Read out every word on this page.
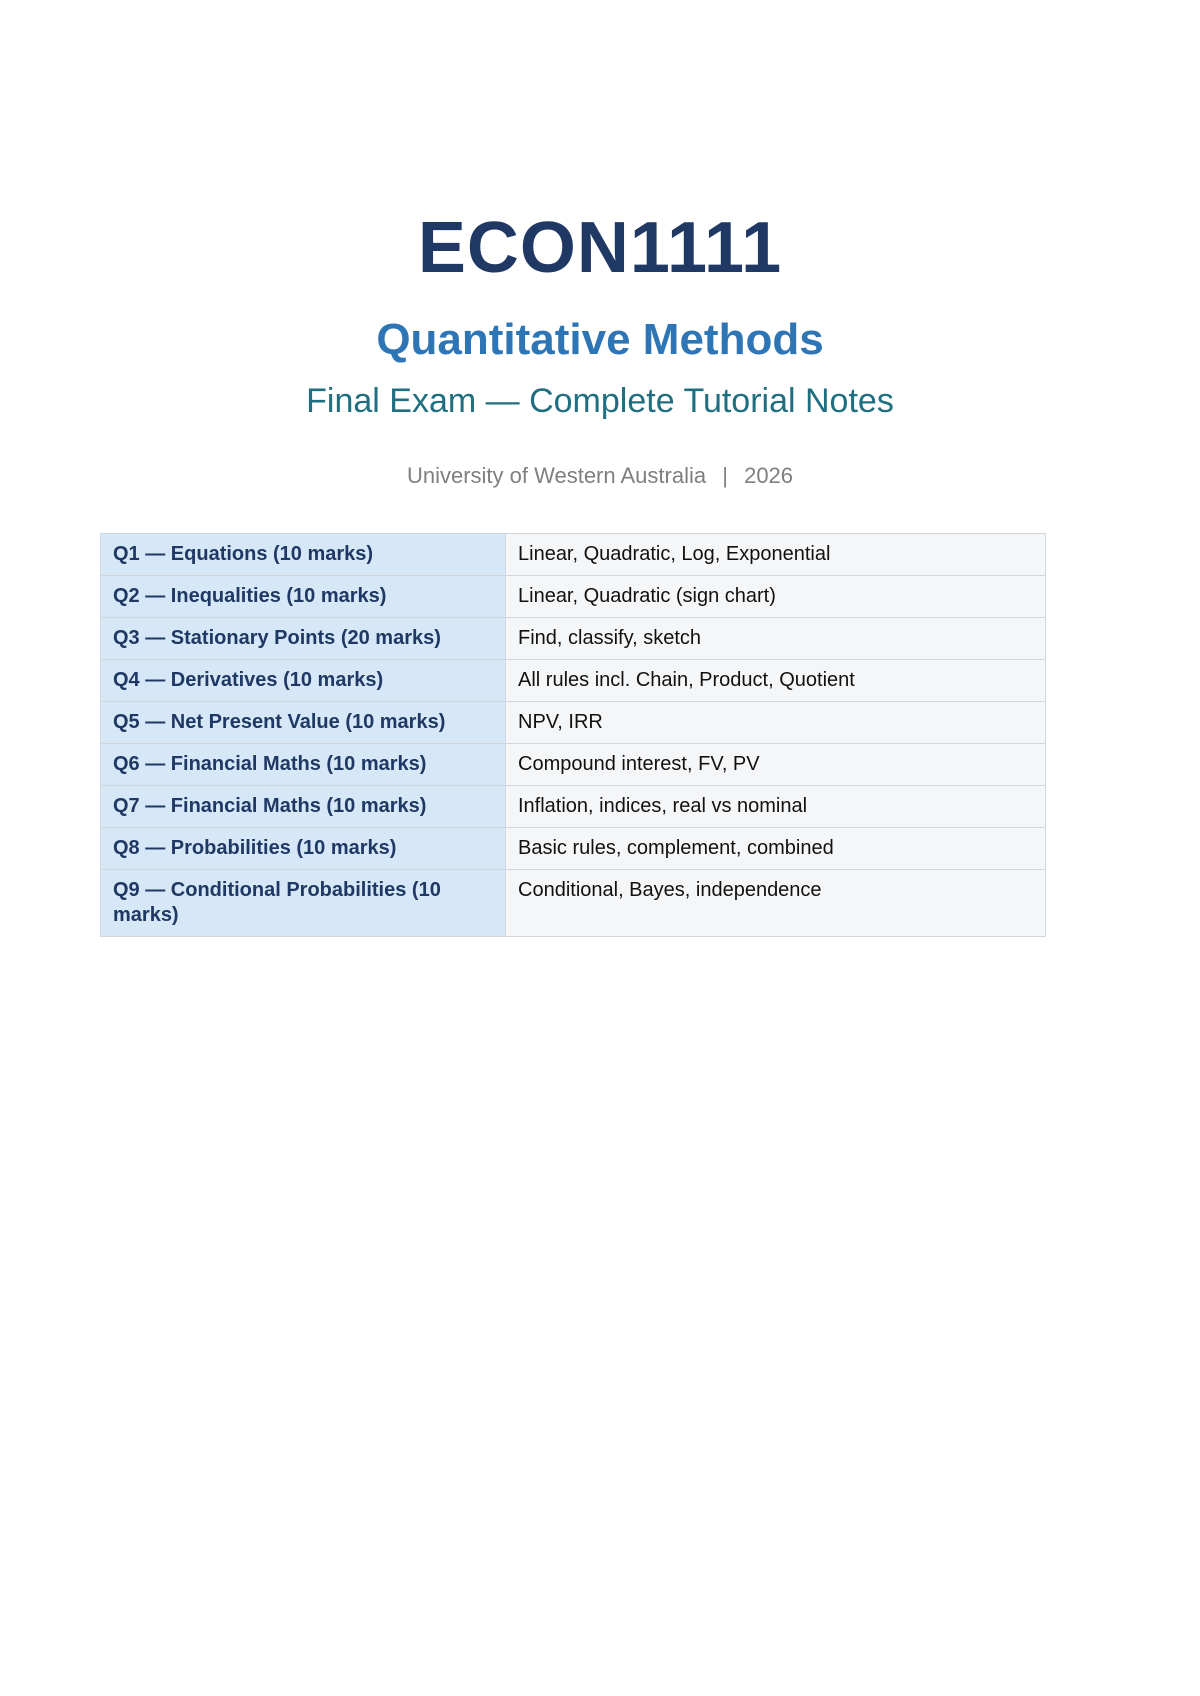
ECON1111
Quantitative Methods
Final Exam — Complete Tutorial Notes
University of Western Australia | 2026
Q1 — Equations (10 marks)	Linear, Quadratic, Log, Exponential
Q2 — Inequalities (10 marks)	Linear, Quadratic (sign chart)
Q3 — Stationary Points (20 marks)	Find, classify, sketch
Q4 — Derivatives (10 marks)	All rules incl. Chain, Product, Quotient
Q5 — Net Present Value (10 marks)	NPV, IRR
Q6 — Financial Maths (10 marks)	Compound interest, FV, PV
Q7 — Financial Maths (10 marks)	Inflation, indices, real vs nominal
Q8 — Probabilities (10 marks)	Basic rules, complement, combined
Q9 — Conditional Probabilities (10 marks)	Conditional, Bayes, independence
